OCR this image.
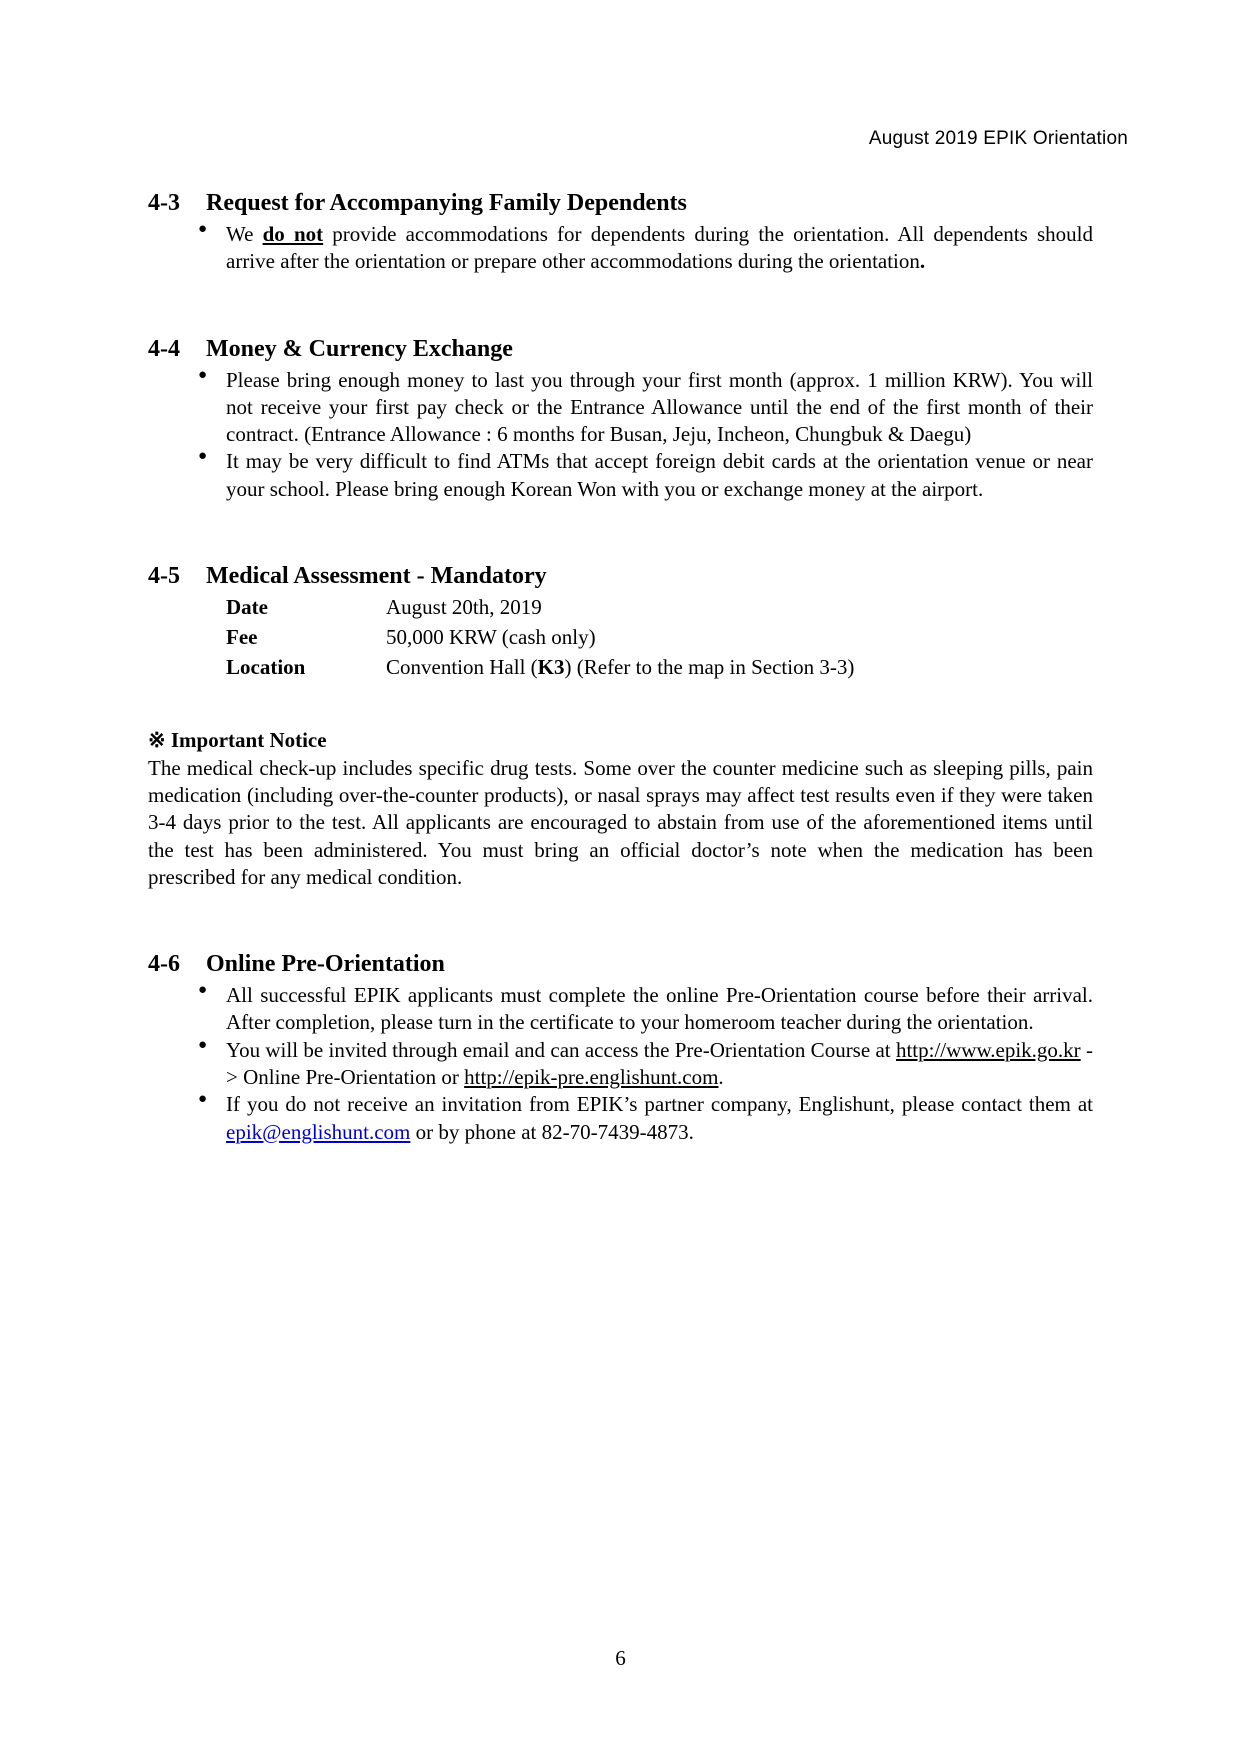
August 2019 EPIK Orientation
4-3	Request for Accompanying Family Dependents
● We do not provide accommodations for dependents during the orientation. All dependents should arrive after the orientation or prepare other accommodations during the orientation.
4-4	Money & Currency Exchange
● Please bring enough money to last you through your first month (approx. 1 million KRW). You will not receive your first pay check or the Entrance Allowance until the end of the first month of their contract. (Entrance Allowance : 6 months for Busan, Jeju, Incheon, Chungbuk & Daegu)
● It may be very difficult to find ATMs that accept foreign debit cards at the orientation venue or near your school. Please bring enough Korean Won with you or exchange money at the airport.
4-5	Medical Assessment - Mandatory
Date	August 20th, 2019
Fee	50,000 KRW (cash only)
Location	Convention Hall (K3) (Refer to the map in Section 3-3)
※ Important Notice

The medical check-up includes specific drug tests. Some over the counter medicine such as sleeping pills, pain medication (including over-the-counter products), or nasal sprays may affect test results even if they were taken 3-4 days prior to the test. All applicants are encouraged to abstain from use of the aforementioned items until the test has been administered. You must bring an official doctor’s note when the medication has been prescribed for any medical condition.

4-6	Online Pre-Orientation
● All successful EPIK applicants must complete the online Pre-Orientation course before their arrival. After completion, please turn in the certificate to your homeroom teacher during the orientation.
● You will be invited through email and can access the Pre-Orientation Course at http://www.epik.go.kr -> Online Pre-Orientation or http://epik-pre.englishunt.com.
● If you do not receive an invitation from EPIK’s partner company, Englishunt, please contact them at epik@englishunt.com or by phone at 82-70-7439-4873.
6
